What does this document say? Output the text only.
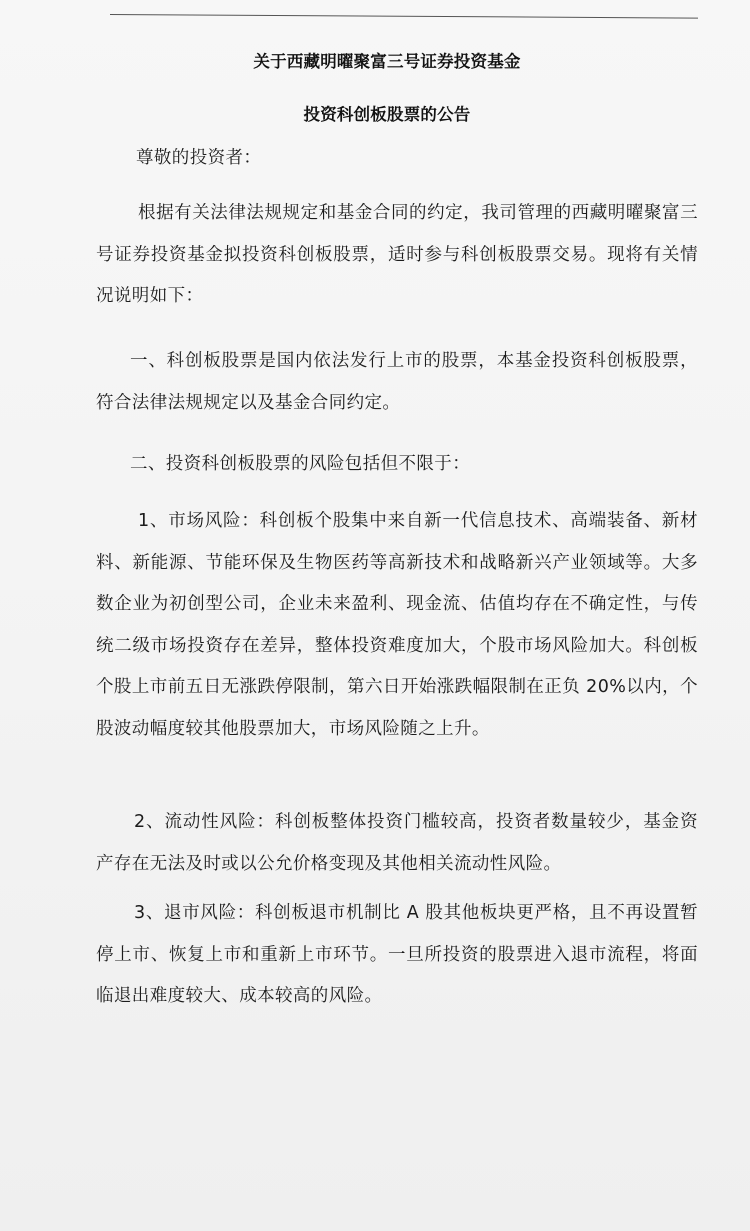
关于西藏明曜聚富三号证券投资基金
投资科创板股票的公告

尊敬的投资者：

根据有关法律法规规定和基金合同的约定，我司管理的西藏明曜聚富三号证券投资基金拟投资科创板股票，适时参与科创板股票交易。现将有关情况说明如下：

一、科创板股票是国内依法发行上市的股票，本基金投资科创板股票，符合法律法规规定以及基金合同约定。

二、投资科创板股票的风险包括但不限于：

1、市场风险：科创板个股集中来自新一代信息技术、高端装备、新材料、新能源、节能环保及生物医药等高新技术和战略新兴产业领域等。大多数企业为初创型公司，企业未来盈利、现金流、估值均存在不确定性，与传统二级市场投资存在差异，整体投资难度加大，个股市场风险加大。科创板个股上市前五日无涨跌停限制，第六日开始涨跌幅限制在正负 20%以内，个股波动幅度较其他股票加大，市场风险随之上升。

2、流动性风险：科创板整体投资门槛较高，投资者数量较少，基金资产存在无法及时或以公允价格变现及其他相关流动性风险。

3、退市风险：科创板退市机制比 A 股其他板块更严格，且不再设置暂停上市、恢复上市和重新上市环节。一旦所投资的股票进入退市流程，将面临退出难度较大、成本较高的风险。
